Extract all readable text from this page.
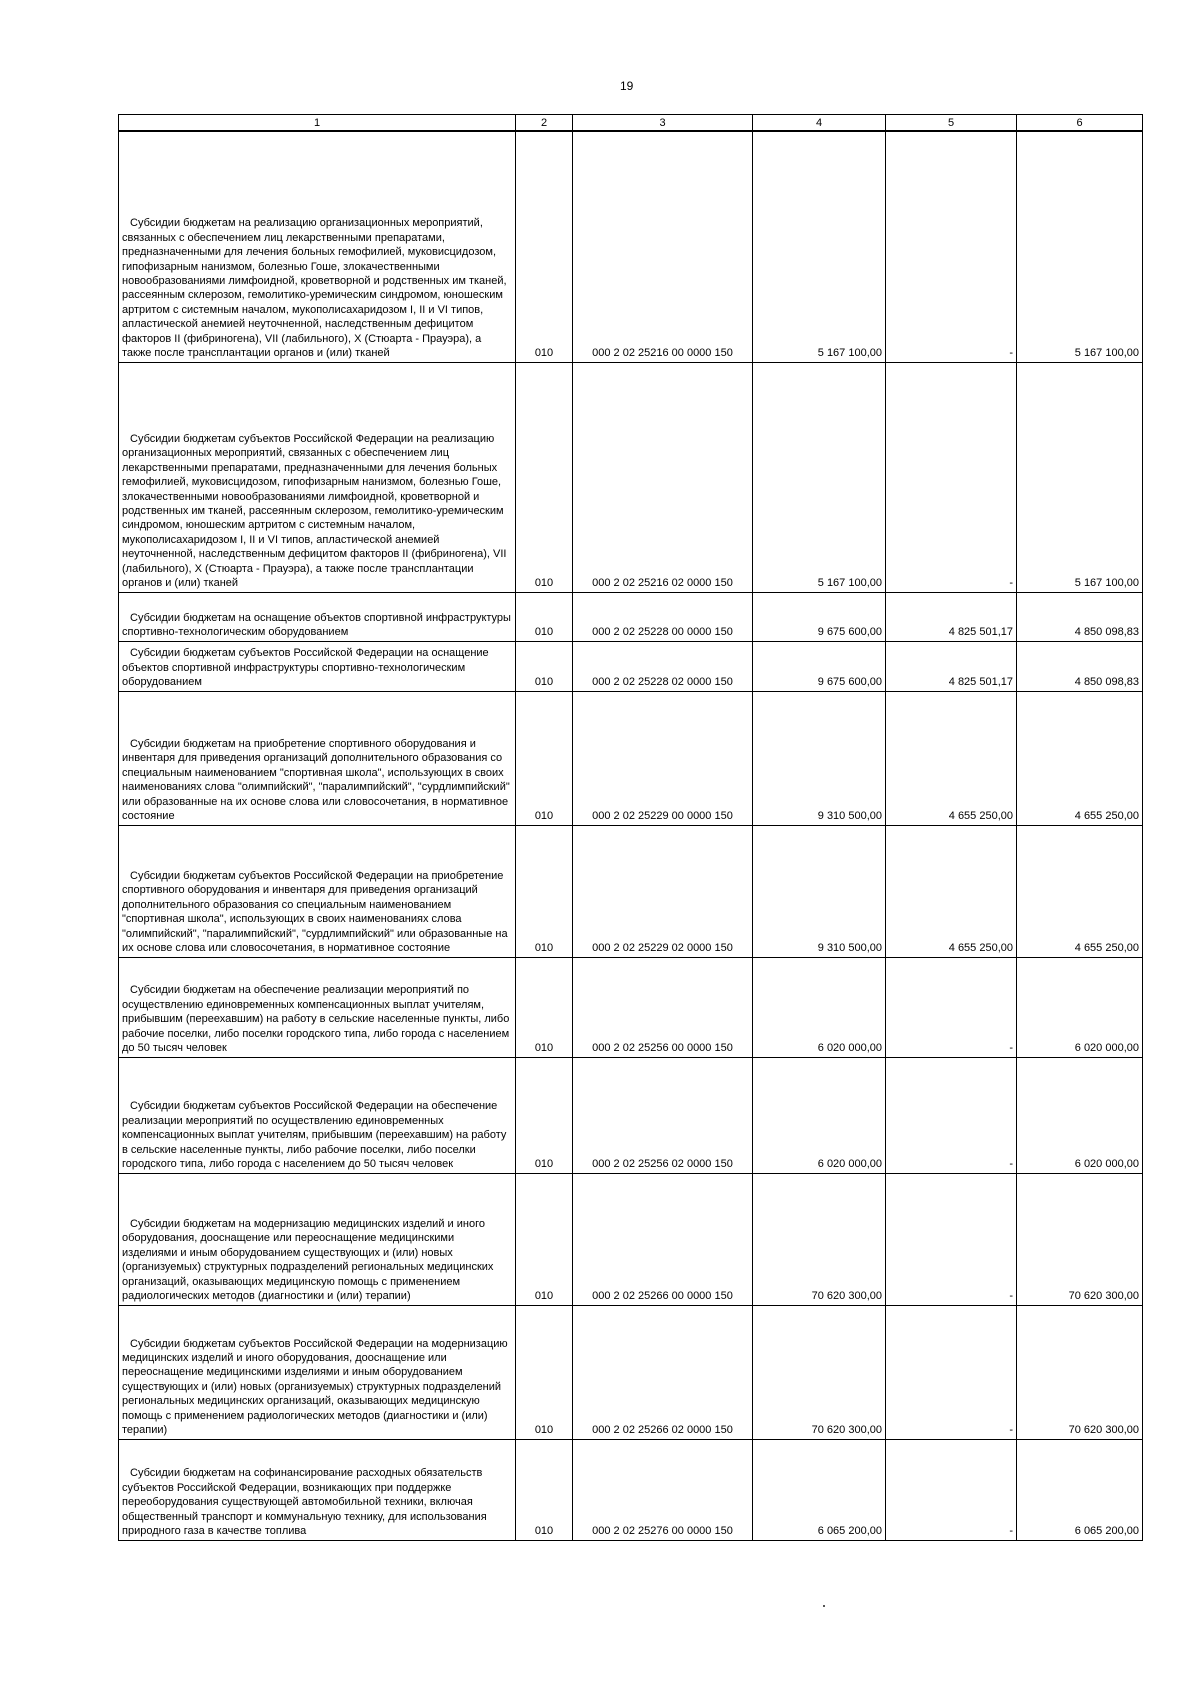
19
1	2	3	4	5	6

Субсидии бюджетам на реализацию организационных мероприятий, связанных с обеспечением лиц лекарственными препаратами, предназначенными для лечения больных гемофилией, муковисцидозом, гипофизарным нанизмом, болезнью Гоше, злокачественными новообразованиями лимфоидной, кроветворной и родственных им тканей, рассеянным склерозом, гемолитико-уремическим синдромом, юношеским артритом с системным началом, мукополисахаридозом I, II и VI типов, апластической анемией неуточненной, наследственным дефицитом факторов II (фибриногена), VII (лабильного), X (Стюарта - Прауэра), а также после трансплантации органов и (или) тканей	010	000 2 02 25216 00 0000 150	5 167 100,00	-	5 167 100,00

Субсидии бюджетам субъектов Российской Федерации на реализацию организационных мероприятий, связанных с обеспечением лиц лекарственными препаратами, предназначенными для лечения больных гемофилией, муковисцидозом, гипофизарным нанизмом, болезнью Гоше, злокачественными новообразованиями лимфоидной, кроветворной и родственных им тканей, рассеянным склерозом, гемолитико-уремическим синдромом, юношеским артритом с системным началом, мукополисахаридозом I, II и VI типов, апластической анемией неуточненной, наследственным дефицитом факторов II (фибриногена), VII (лабильного), X (Стюарта - Прауэра), а также после трансплантации органов и (или) тканей	010	000 2 02 25216 02 0000 150	5 167 100,00	-	5 167 100,00

Субсидии бюджетам на оснащение объектов спортивной инфраструктуры спортивно-технологическим оборудованием	010	000 2 02 25228 00 0000 150	9 675 600,00	4 825 501,17	4 850 098,83

Субсидии бюджетам субъектов Российской Федерации на оснащение объектов спортивной инфраструктуры спортивно-технологическим оборудованием	010	000 2 02 25228 02 0000 150	9 675 600,00	4 825 501,17	4 850 098,83

Субсидии бюджетам на приобретение спортивного оборудования и инвентаря для приведения организаций дополнительного образования со специальным наименованием "спортивная школа", использующих в своих наименованиях слова "олимпийский", "паралимпийский", "сурдлимпийский" или образованные на их основе слова или словосочетания, в нормативное состояние	010	000 2 02 25229 00 0000 150	9 310 500,00	4 655 250,00	4 655 250,00

Субсидии бюджетам субъектов Российской Федерации на приобретение спортивного оборудования и инвентаря для приведения организаций дополнительного образования со специальным наименованием "спортивная школа", использующих в своих наименованиях слова "олимпийский", "паралимпийский", "сурдлимпийский" или образованные на их основе слова или словосочетания, в нормативное состояние	010	000 2 02 25229 02 0000 150	9 310 500,00	4 655 250,00	4 655 250,00

Субсидии бюджетам на обеспечение реализации мероприятий по осуществлению единовременных компенсационных выплат учителям, прибывшим (переехавшим) на работу в сельские населенные пункты, либо рабочие поселки, либо поселки городского типа, либо города с населением до 50 тысяч человек	010	000 2 02 25256 00 0000 150	6 020 000,00	-	6 020 000,00

Субсидии бюджетам субъектов Российской Федерации на обеспечение реализации мероприятий по осуществлению единовременных компенсационных выплат учителям, прибывшим (переехавшим) на работу в сельские населенные пункты, либо рабочие поселки, либо поселки городского типа, либо города с населением до 50 тысяч человек	010	000 2 02 25256 02 0000 150	6 020 000,00	-	6 020 000,00

Субсидии бюджетам на модернизацию медицинских изделий и иного оборудования, дооснащение или переоснащение медицинскими изделиями и иным оборудованием существующих и (или) новых (организуемых) структурных подразделений региональных медицинских организаций, оказывающих медицинскую помощь с применением радиологических методов (диагностики и (или) терапии)	010	000 2 02 25266 00 0000 150	70 620 300,00	-	70 620 300,00

Субсидии бюджетам субъектов Российской Федерации на модернизацию медицинских изделий и иного оборудования, дооснащение или переоснащение медицинскими изделиями и иным оборудованием существующих и (или) новых (организуемых) структурных подразделений региональных медицинских организаций, оказывающих медицинскую помощь с применением радиологических методов (диагностики и (или) терапии)	010	000 2 02 25266 02 0000 150	70 620 300,00	-	70 620 300,00

Субсидии бюджетам на софинансирование расходных обязательств субъектов Российской Федерации, возникающих при поддержке переоборудования существующей автомобильной техники, включая общественный транспорт и коммунальную технику, для использования природного газа в качестве топлива	010	000 2 02 25276 00 0000 150	6 065 200,00	-	6 065 200,00
